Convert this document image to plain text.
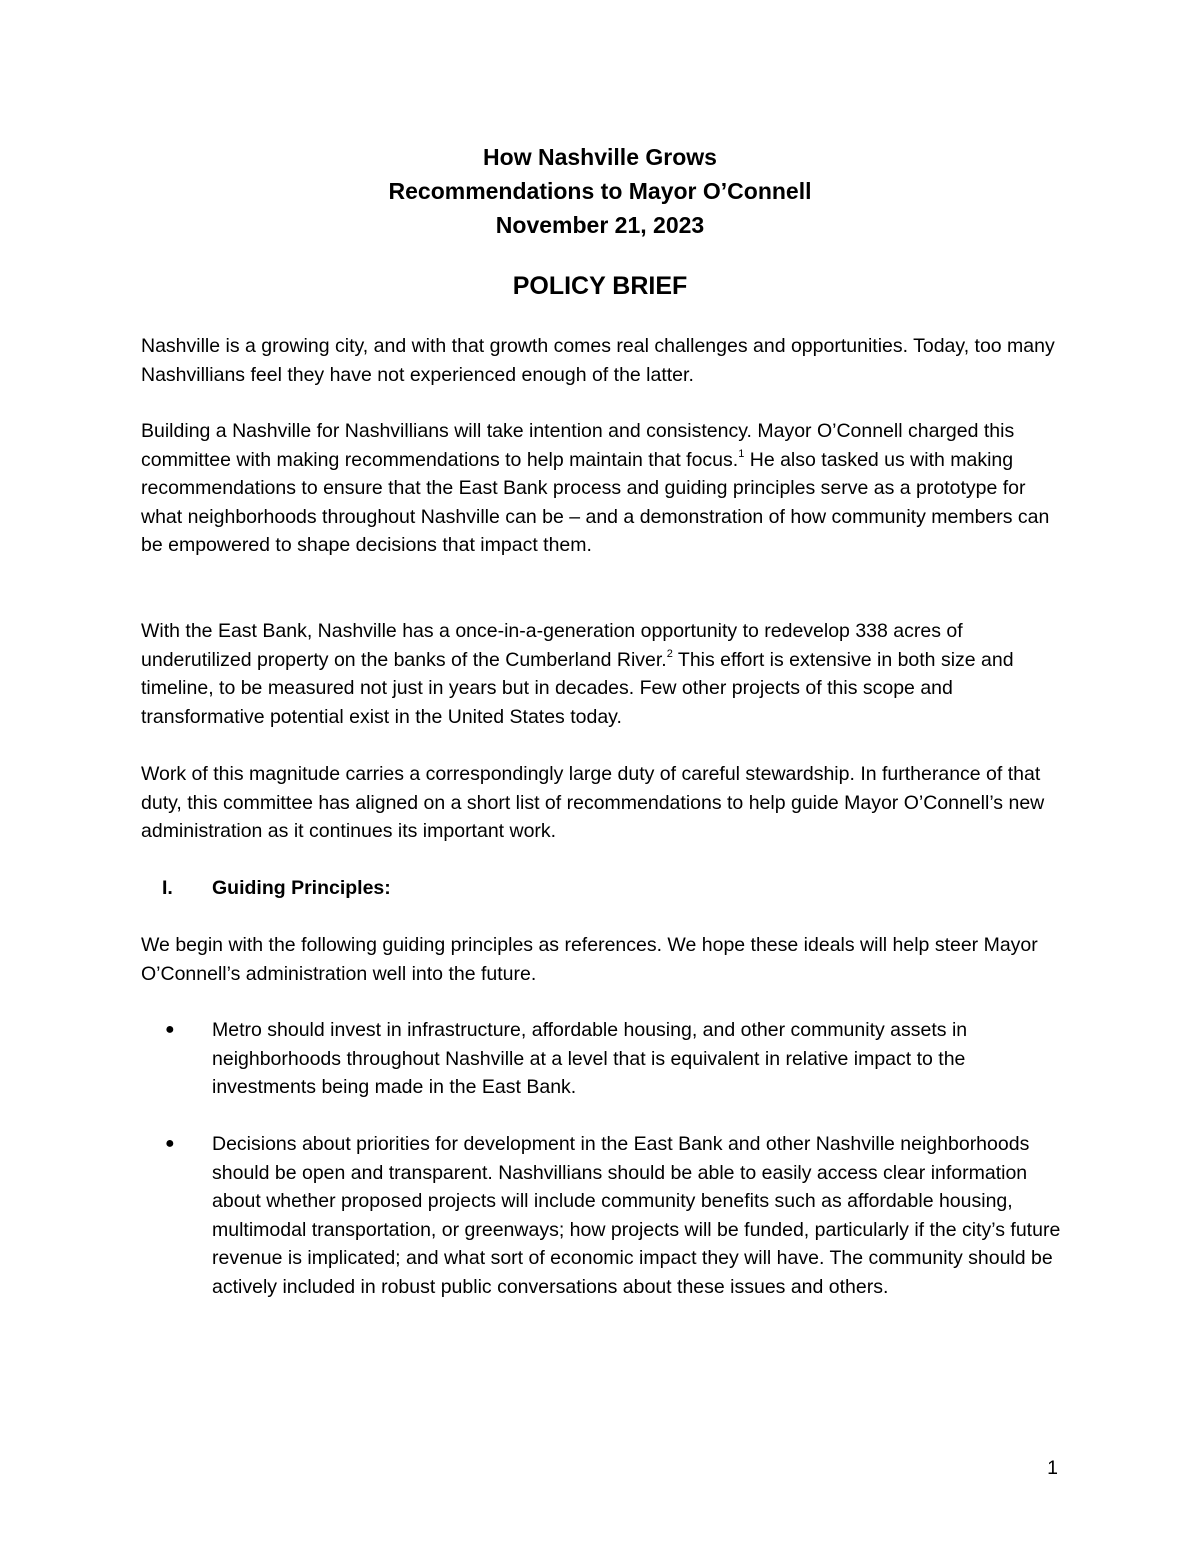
How Nashville Grows
Recommendations to Mayor O’Connell
November 21, 2023
POLICY BRIEF

Nashville is a growing city, and with that growth comes real challenges and opportunities. Today, too many Nashvillians feel they have not experienced enough of the latter.

Building a Nashville for Nashvillians will take intention and consistency. Mayor O’Connell charged this committee with making recommendations to help maintain that focus.$^1$ He also tasked us with making recommendations to ensure that the East Bank process and guiding principles serve as a prototype for what neighborhoods throughout Nashville can be – and a demonstration of how community members can be empowered to shape decisions that impact them.

With the East Bank, Nashville has a once-in-a-generation opportunity to redevelop 338 acres of underutilized property on the banks of the Cumberland River.$^2$ This effort is extensive in both size and timeline, to be measured not just in years but in decades. Few other projects of this scope and transformative potential exist in the United States today.

Work of this magnitude carries a correspondingly large duty of careful stewardship. In furtherance of that duty, this committee has aligned on a short list of recommendations to help guide Mayor O’Connell’s new administration as it continues its important work.

I. Guiding Principles:

We begin with the following guiding principles as references. We hope these ideals will help steer Mayor O’Connell’s administration well into the future.

● Metro should invest in infrastructure, affordable housing, and other community assets in neighborhoods throughout Nashville at a level that is equivalent in relative impact to the investments being made in the East Bank.

● Decisions about priorities for development in the East Bank and other Nashville neighborhoods should be open and transparent. Nashvillians should be able to easily access clear information about whether proposed projects will include community benefits such as affordable housing, multimodal transportation, or greenways; how projects will be funded, particularly if the city’s future revenue is implicated; and what sort of economic impact they will have. The community should be actively included in robust public conversations about these issues and others.

1
